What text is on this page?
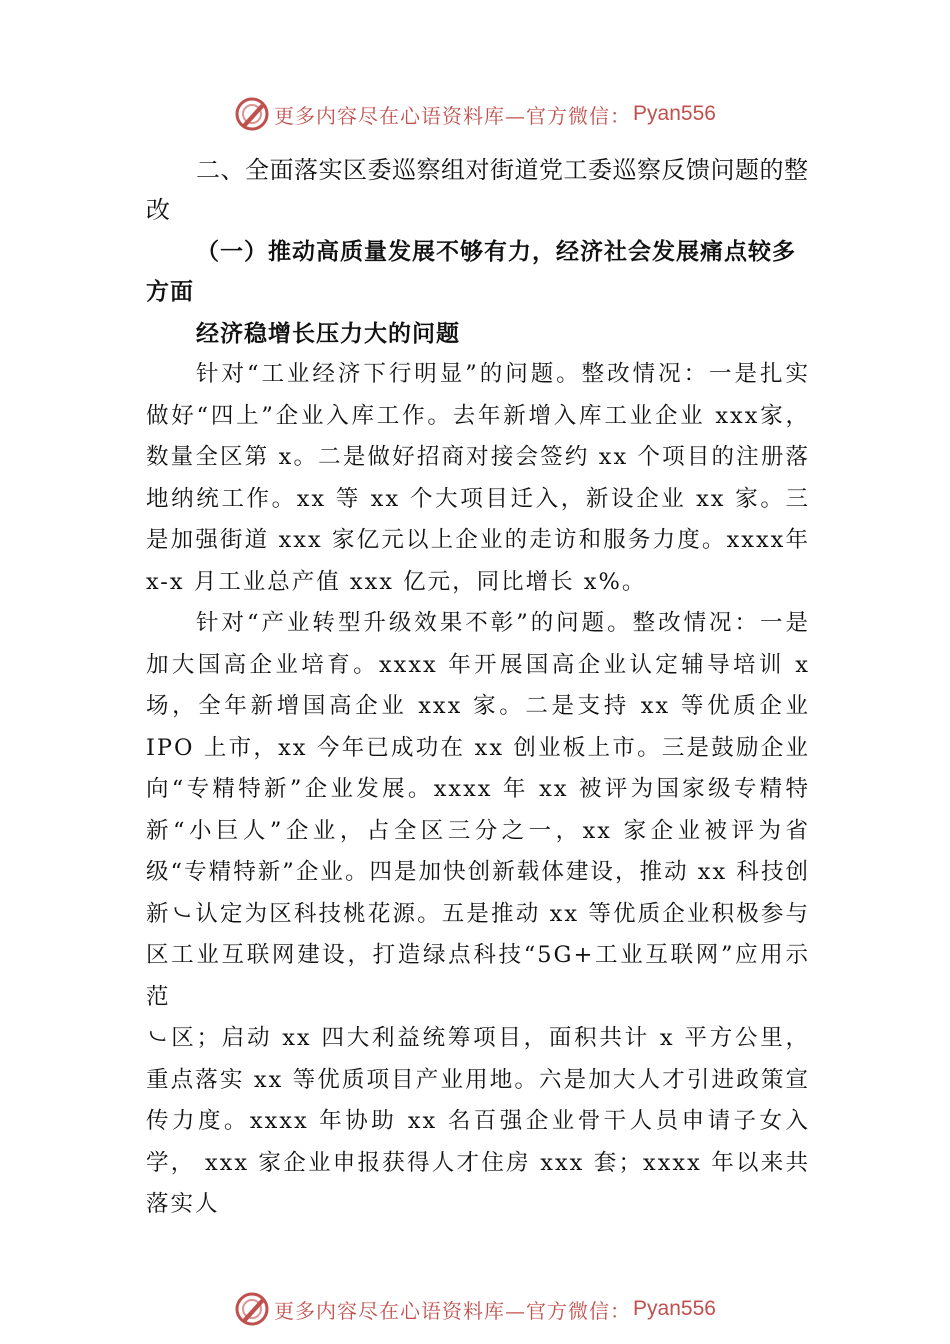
更多内容尽在心语资料库—官方微信： Pyan556

二、全面落实区委巡察组对街道党工委巡察反馈问题的整改

（一）推动高质量发展不够有力，经济社会发展痛点较多方面

经济稳增长压力大的问题

针对“工业经济下行明显”的问题。整改情况：一是扎实做好“四上”企业入库工作。去年新增入库工业企业 xxx家，数量全区第 x。二是做好招商对接会签约 xx 个项目的注册落地纳统工作。xx 等 xx 个大项目迁入，新设企业 xx 家。三是加强街道 xxx 家亿元以上企业的走访和服务力度。xxxx年 x-x 月工业总产值 xxx 亿元，同比增长 x%。

针对“产业转型升级效果不彰”的问题。整改情况：一是加大国高企业培育。xxxx 年开展国高企业认定辅导培训 x场，全年新增国高企业 xxx 家。二是支持 xx 等优质企业IPO 上市，xx 今年已成功在 xx 创业板上市。三是鼓励企业向“专精特新”企业发展。xxxx 年 xx 被评为国家级专精特新“小巨人”企业，占全区三分之一，xx 家企业被评为省级“专精特新”企业。四是加快创新载体建设，推动 xx 科技创新㇃认定为区科技桃花源。五是推动 xx 等优质企业积极参与区工业互联网建设，打造绿点科技“5G+工业互联网”应用示范

㇃区；启动 xx 四大利益统筹项目，面积共计 x 平方公里，重点落实 xx 等优质项目产业用地。六是加大人才引进政策宣传力度。xxxx 年协助 xx 名百强企业骨干人员申请子女入学， xxx 家企业申报获得人才住房 xxx 套；xxxx 年以来共落实人

更多内容尽在心语资料库—官方微信： Pyan556
